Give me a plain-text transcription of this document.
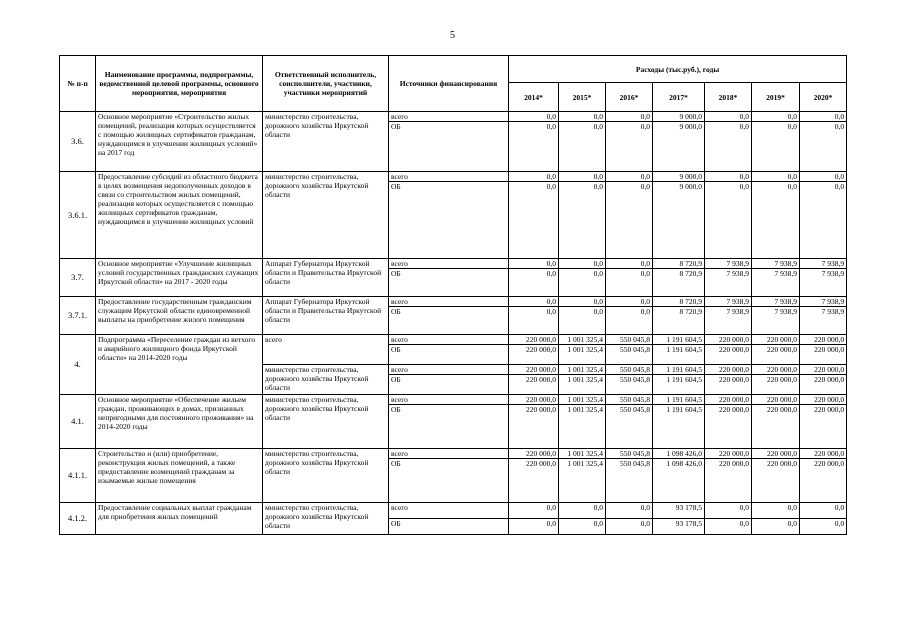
5
№ п-п	Наименование программы, подпрограммы, ведомственной целевой программы, основного мероприятия, мероприятия	Ответственный исполнитель, соисполнители, участники, участники мероприятий	Источники финансирования	Расходы (тыс.руб.), годы						
				2014*	2015*	2016*	2017*	2018*	2019*	2020*
3.6.	Основное мероприятие «Строительство жилых помещений, реализация которых осуществляется с помощью жилищных сертификатов гражданам, нуждающимся в улучшении жилищных условий» на 2017 год	министерство строительства, дорожного хозяйства Иркутской области	всего	0,0	0,0	0,0	9 000,0	0,0	0,0	0,0
			ОБ	0,0	0,0	0,0	9 000,0	0,0	0,0	0,0
3.6.1.	Предоставление субсидий из областного бюджета в целях возмещения недополученных доходов в связи со строительством жилых помещений, реализация которых осуществляется с помощью жилищных сертификатов гражданам, нуждающимся в улучшении жилищных условий	министерство строительства, дорожного хозяйства Иркутской области	всего	0,0	0,0	0,0	9 000,0	0,0	0,0	0,0
			ОБ	0,0	0,0	0,0	9 000,0	0,0	0,0	0,0
3.7.	Основное мероприятие «Улучшение жилищных условий государственных гражданских служащих Иркутской области» на 2017 - 2020 годы	Аппарат Губернатора Иркутской области и Правительства Иркутской области	всего	0,0	0,0	0,0	8 720,9	7 938,9	7 938,9	7 938,9
			ОБ	0,0	0,0	0,0	8 720,9	7 938,9	7 938,9	7 938,9
3.7.1.	Предоставление государственным гражданским служащим Иркутской области единовременной выплаты на приобретение жилого помещения	Аппарат Губернатора Иркутской области и Правительства Иркутской области	всего	0,0	0,0	0,0	8 720,9	7 938,9	7 938,9	7 938,9
			ОБ	0,0	0,0	0,0	8 720,9	7 938,9	7 938,9	7 938,9
4.	Подпрограмма «Переселение граждан из ветхого и аварийного жилищного фонда Иркутской области» на 2014-2020 годы	всего	всего	220 000,0	1 001 325,4	550 045,8	1 191 604,5	220 000,0	220 000,0	220 000,0
			ОБ	220 000,0	1 001 325,4	550 045,8	1 191 604,5	220 000,0	220 000,0	220 000,0
		министерство строительства, дорожного хозяйства Иркутской области	всего	220 000,0	1 001 325,4	550 045,8	1 191 604,5	220 000,0	220 000,0	220 000,0
			ОБ	220 000,0	1 001 325,4	550 045,8	1 191 604,5	220 000,0	220 000,0	220 000,0
4.1.	Основное мероприятие «Обеспечение жильем граждан, проживающих в домах, признанных непригодными для постоянного проживания» на 2014-2020 годы	министерство строительства, дорожного хозяйства Иркутской области	всего	220 000,0	1 001 325,4	550 045,8	1 191 604,5	220 000,0	220 000,0	220 000,0
			ОБ	220 000,0	1 001 325,4	550 045,8	1 191 604,5	220 000,0	220 000,0	220 000,0
4.1.1.	Строительство и (или) приобретение, реконструкция жилых помещений, а также предоставление возмещений гражданам за изымаемые жилые помещения	министерство строительства, дорожного хозяйства Иркутской области	всего	220 000,0	1 001 325,4	550 045,8	1 098 426,0	220 000,0	220 000,0	220 000,0
			ОБ	220 000,0	1 001 325,4	550 045,8	1 098 426,0	220 000,0	220 000,0	220 000,0
4.1.2.	Предоставление социальных выплат гражданам для приобретения жилых помещений	министерство строительства, дорожного хозяйства Иркутской области	всего	0,0	0,0	0,0	93 178,5	0,0	0,0	0,0
			ОБ	0,0	0,0	0,0	93 178,5	0,0	0,0	0,0
